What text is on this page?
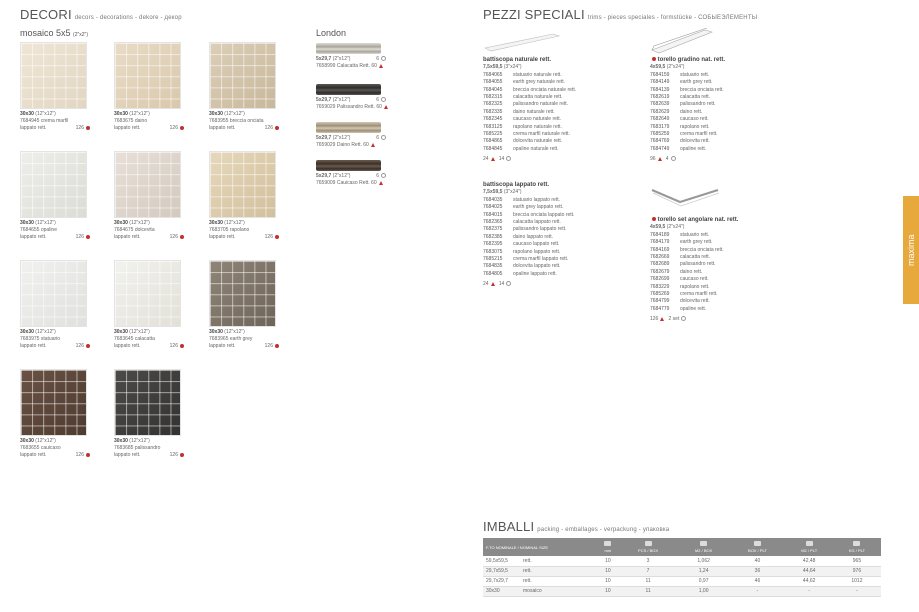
DECORI decors - decorations - dekore - декор
mosaico 5x5 (2"x2")
30x30 (12"x12")
7684945 crema marfil
lappato rett.	126
30x30 (12"x12")
7683675 daino
lappato rett.	126
30x30 (12"x12")
7683955 breccia onciata
lappato rett.	126
30x30 (12"x12")
7684655 opaline
lappato rett.	126
30x30 (12"x12")
7684675 dolcevita
lappato rett.	126
30x30 (12"x12")
7683705 rapolano
lappato rett.	126
30x30 (12"x12")
7683975 statuario
lappato rett.	126
30x30 (12"x12")
7683645 calacatta
lappato rett.	126
30x30 (12"x12")
7683965 earth grey
lappato rett.	126
30x30 (12"x12")
7683655 cauicaso
lappato rett.	126
30x30 (12"x12")
7683685 palissandro
lappato rett.	126
London
5x29,7 (2"x12")	6
7658999 Calacatta Rett. 60
5x29,7 (2"x12")	6
7659029 Palissandro Rett. 60
5x29,7 (2"x12")	6
7659029 Daino Rett. 60
5x29,7 (2"x12")	6
7659009 Cauicaso Rett. 60
PEZZI SPECIALI trims - pieces speciales - formstücke - СОБЫЕЭЛЕМЕНТЫ
battiscopa naturale rett.
7,5x59,5 (3"x24")
7684065 statuario naturale rett.
7684055 earth grey naturale rett.
7684045 breccia onciata naturale rett.
7682315 calacatta naturale rett.
7682325 palissandro naturale rett.
7682335 daino naturale rett.
7682345 caucaso naturale rett.
7683125 rapolano naturale rett.
7685225 crema marfil naturale rett.
7684865 dolcevita naturale rett.
7684845 opaline naturale rett.
24 14
battiscopa lappato rett.
7,5x59,5 (3"x24")
7684035 statuario lappato rett.
7684025 earth grey lappato rett.
7684015 breccia onciata lappato rett.
7682365 calacatta lappato rett.
7682375 palissandro lappato rett.
7682385 daino lappato rett.
7682395 caucaso lappato rett.
7683075 rapolano lappato rett.
7685215 crema marfil lappato rett.
7684835 dolcevita lappato rett.
7684805 opaline lappato rett.
24 14
torello gradino nat. rett.
4x59,5 (2"x24")
7684159 statuario rett.
7684149 earth grey rett.
7684139 breccia onciata rett.
7682619 calacatta rett.
7682639 palissandro rett.
7682629 daino rett.
7682649 caucaso rett.
7683179 rapolano rett.
7685259 crema marfil rett.
7684769 dolcevita rett.
7684749 opaline rett.
96 4
torello set angolare nat. rett.
4x59,5 (2"x24")
7684189 statuario rett.
7684179 earth grey rett.
7684169 breccia onciata rett.
7682669 calacatta rett.
7682689 palissandro rett.
7682679 daino rett.
7682699 caucaso rett.
7683229 rapolano rett.
7685269 crema marfil rett.
7684799 dolcevita rett.
7684779 opaline rett.
126 2 set
maxima
IMBALLI packing - emballages - verpackung - упаковка
F.TO NOMINALE / NOMINAL SIZE		mm	PCS / BOX	M2 / BOX	BOX / PLT	M2 / PLT	KG / PLT
59,5x59,5	rett.	10	3	1,062	40	42,48	965
29,7x59,5	rett.	10	7	1,24	36	44,64	976
29,7x29,7	rett.	10	11	0,97	46	44,62	1012
30x30	mosaico	10	11	1,00	-	-	-
